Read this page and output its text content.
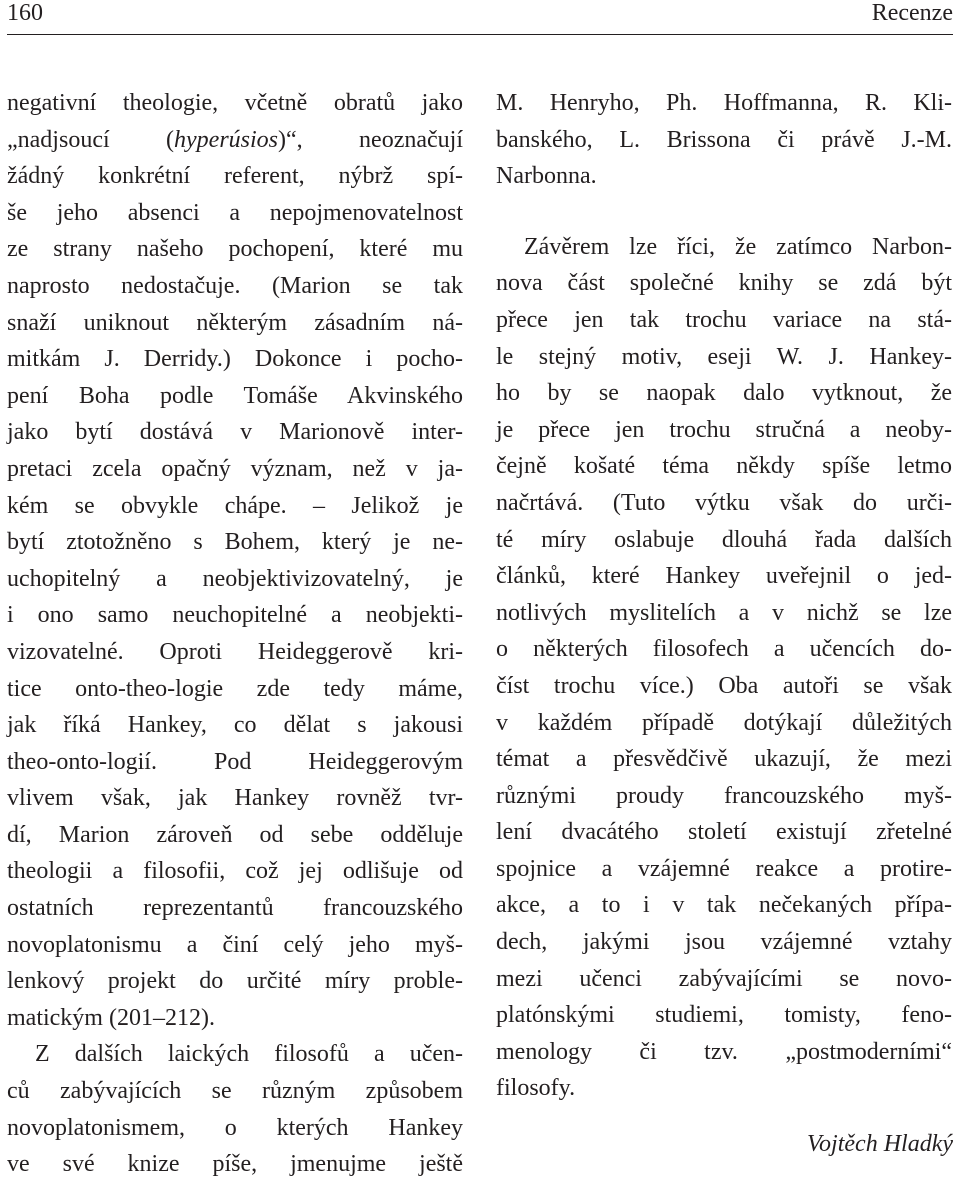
160	Recenze
negativní theologie, včetně obratů jako
„nadjsoucí (hyperúsios)“, neoznačují
žádný konkrétní referent, nýbrž spí-
še jeho absenci a nepojmenovatelnost
ze strany našeho pochopení, které mu
naprosto nedostačuje. (Marion se tak
snaží uniknout některým zásadním ná-
mitkám J. Derridy.) Dokonce i pocho-
pení Boha podle Tomáše Akvinského
jako bytí dostává v Marionově inter-
pretaci zcela opačný význam, než v ja-
kém se obvykle chápe. – Jelikož je
bytí ztotožněno s Bohem, který je ne-
uchopitelný a neobjektivizovatelný, je
i ono samo neuchopitelné a neobjekti-
vizovatelné. Oproti Heideggerově kri-
tice onto-theo-logie zde tedy máme,
jak říká Hankey, co dělat s jakousi
theo-onto-logií. Pod Heideggerovým
vlivem však, jak Hankey rovněž tvr-
dí, Marion zároveň od sebe odděluje
theologii a filosofii, což jej odlišuje od
ostatních reprezentantů francouzského
novoplatonismu a činí celý jeho myš-
lenkový projekt do určité míry proble-
matickým (201–212).
Z dalších laických filosofů a učen-
ců zabývajících se různým způsobem
novoplatonismem, o kterých Hankey
ve své knize píše, jmenujme ještě
M. Henryho, Ph. Hoffmanna, R. Kli-
banského, L. Brissona či právě J.-M.
Narbonna.
Závěrem lze říci, že zatímco Narbon-
nova část společné knihy se zdá být
přece jen tak trochu variace na stá-
le stejný motiv, eseji W. J. Hankey-
ho by se naopak dalo vytknout, že
je přece jen trochu stručná a neoby-
čejně košaté téma někdy spíše letmo
načrtává. (Tuto výtku však do urči-
té míry oslabuje dlouhá řada dalších
článků, které Hankey uveřejnil o jed-
notlivých myslitelích a v nichž se lze
o některých filosofech a učencích do-
číst trochu více.) Oba autoři se však
v každém případě dotýkají důležitých
témat a přesvědčivě ukazují, že mezi
různými proudy francouzského myš-
lení dvacátého století existují zřetelné
spojnice a vzájemné reakce a protire-
akce, a to i v tak nečekaných přípa-
dech, jakými jsou vzájemné vztahy
mezi učenci zabývajícími se novo-
platónskými studiemi, tomisty, feno-
menology či tzv. „postmoderními“
filosofy.
Vojtěch Hladký
